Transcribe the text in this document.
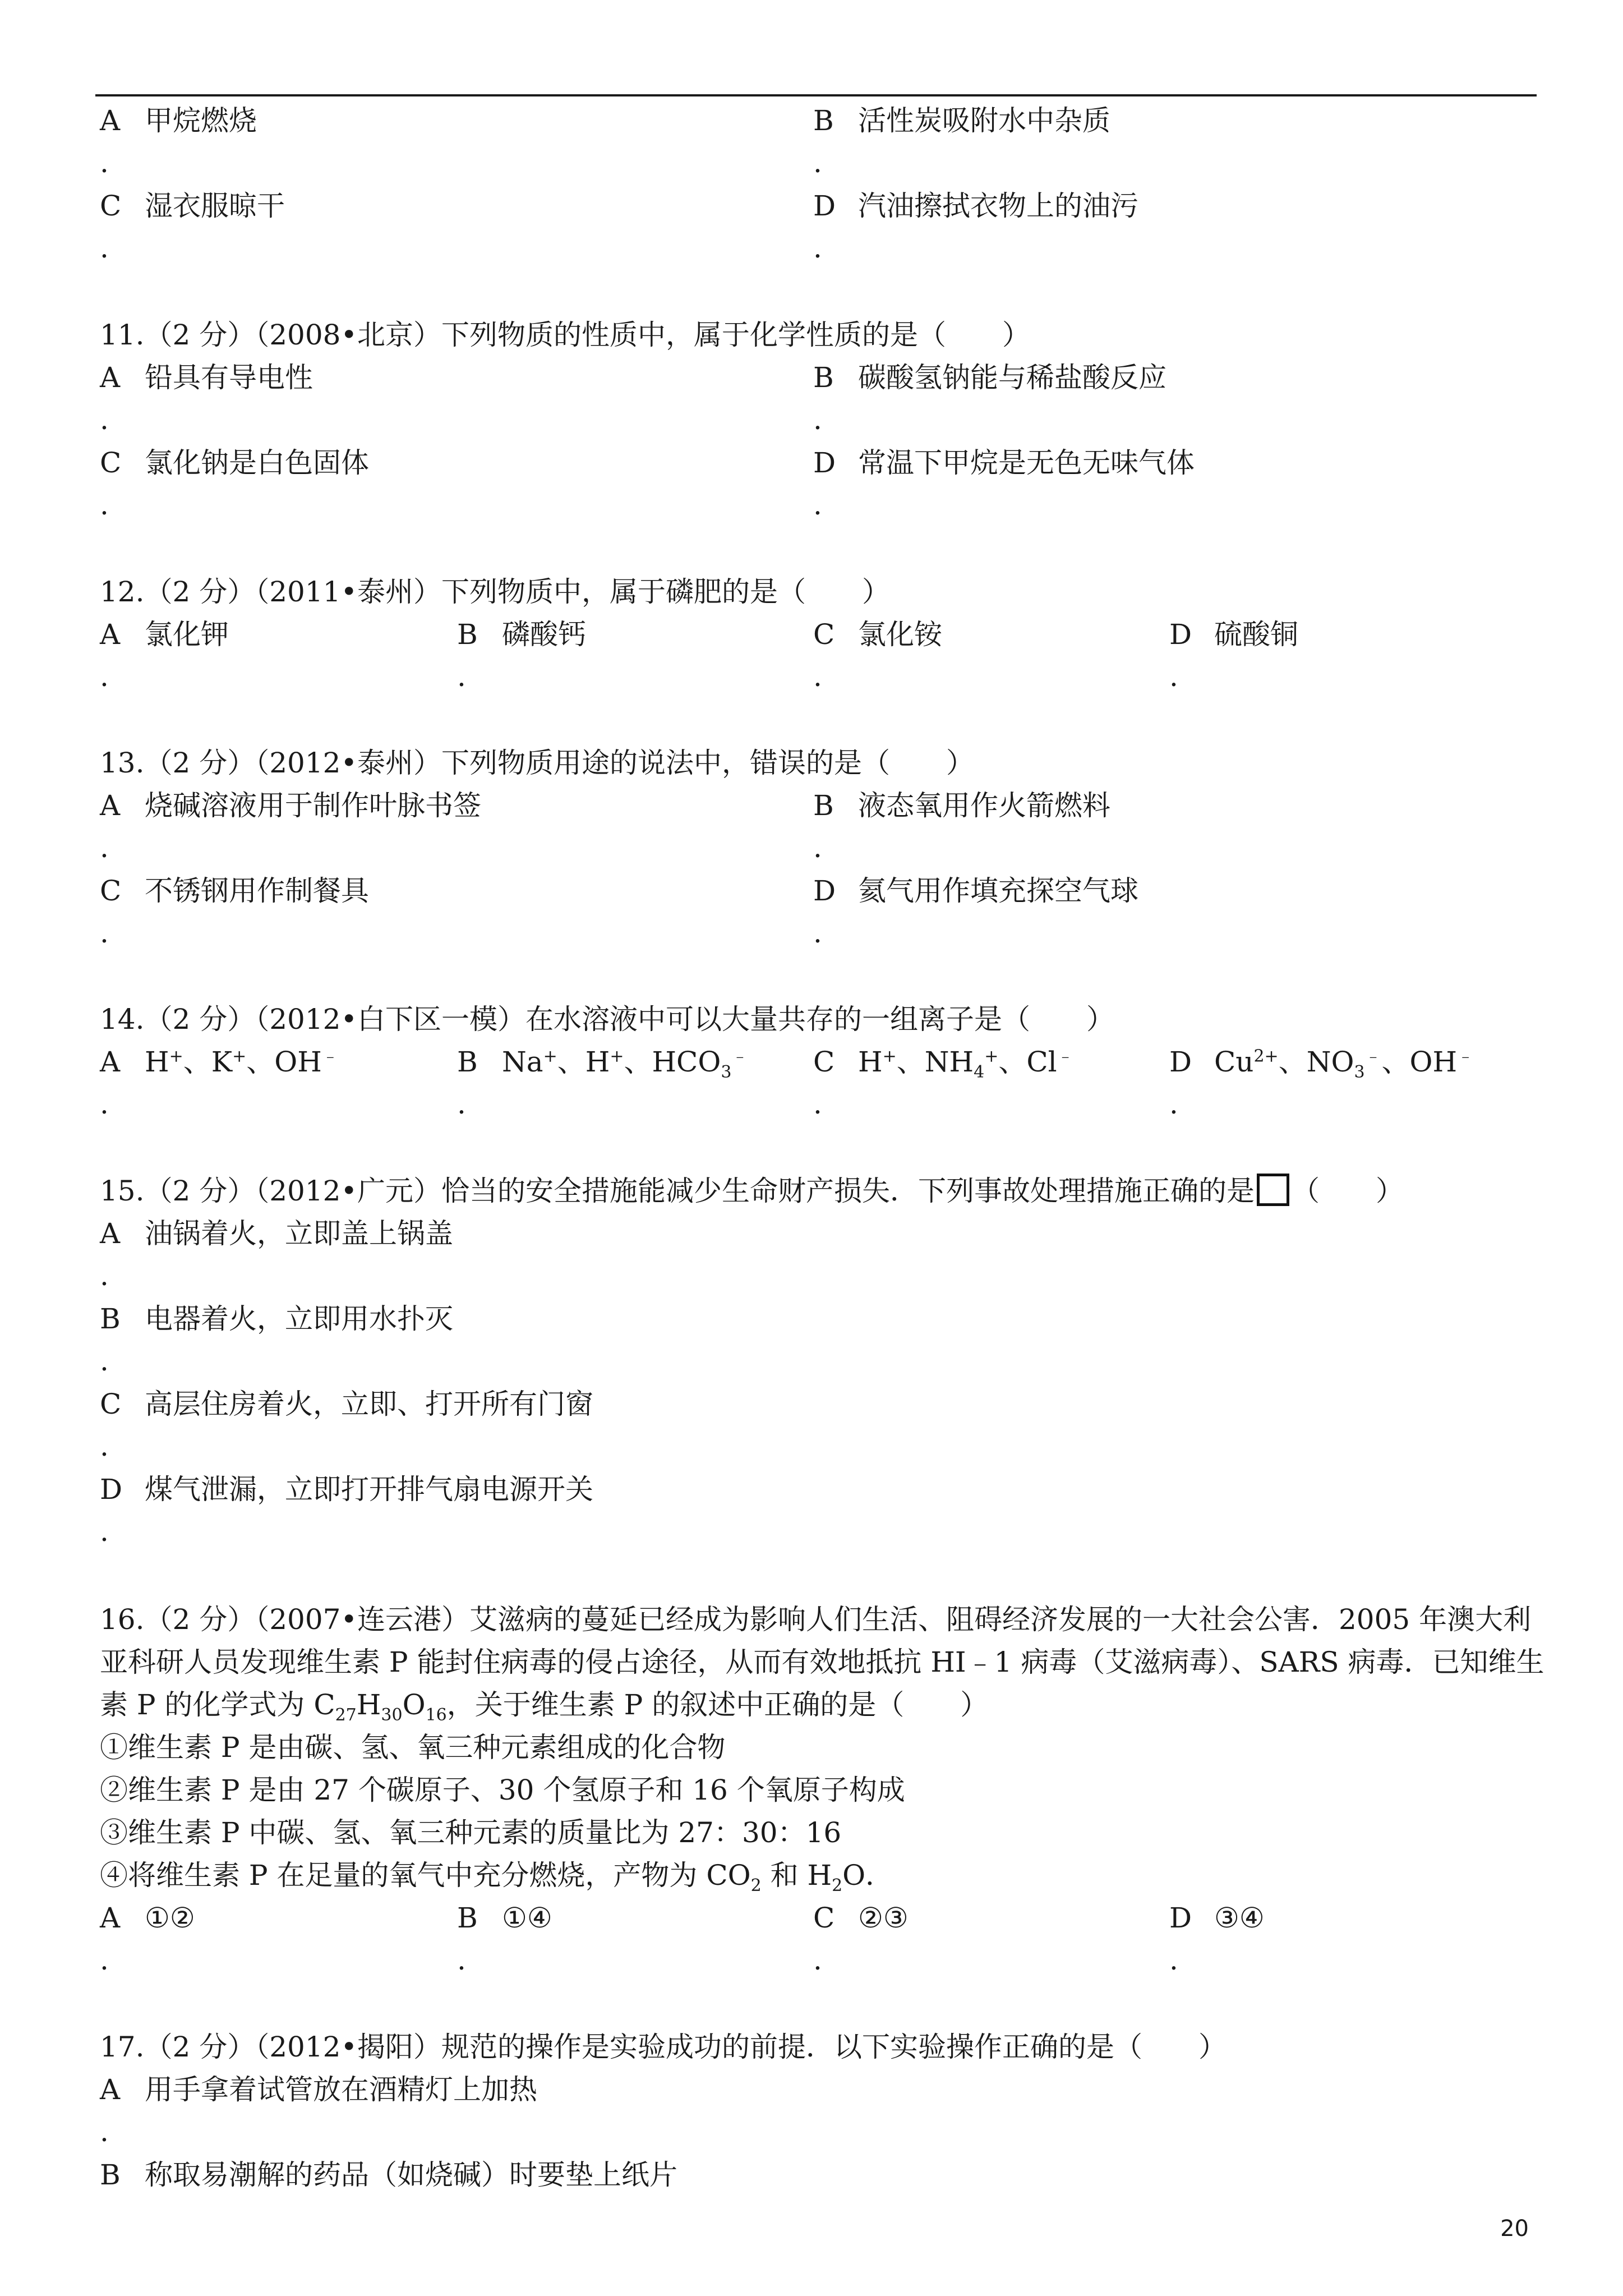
A 甲烷燃烧
.
B 活性炭吸附水中杂质
.
C 湿衣服晾干
.
D 汽油擦拭衣物上的油污
.
11.（2 分）（2008•北京）下列物质的性质中，属于化学性质的是（　　）
A 铅具有导电性
.
B 碳酸氢钠能与稀盐酸反应
.
C 氯化钠是白色固体
.
D 常温下甲烷是无色无味气体
.
12.（2 分）（2011•泰州）下列物质中，属于磷肥的是（　　）
A 氯化钾
.
B 磷酸钙
.
C 氯化铵
.
D 硫酸铜
.
13.（2 分）（2012•泰州）下列物质用途的说法中，错误的是（　　）
A 烧碱溶液用于制作叶脉书签
.
B 液态氧用作火箭燃料
.
C 不锈钢用作制餐具
.
D 氦气用作填充探空气球
.
14.（2 分）（2012•白下区一模）在水溶液中可以大量共存的一组离子是（　　）
A H+、K+、OH﹣
.
B Na+、H+、$HCO_3^﹣$
.
C H+、$NH_4^+$、Cl﹣
.
D $Cu^{2+}$、$NO_3^﹣$、OH﹣
.
15.（2 分）（2012•广元）恰当的安全措施能减少生命财产损失．下列事故处理措施正确的是 （　　）
A 油锅着火，立即盖上锅盖
.
B 电器着火，立即用水扑灭
.
C 高层住房着火，立即、打开所有门窗
.
D 煤气泄漏，立即打开排气扇电源开关
.
16.（2 分）（2007•连云港）艾滋病的蔓延已经成为影响人们生活、阻碍经济发展的一大社会公害．2005 年澳大利
亚科研人员发现维生素 P 能封住病毒的侵占途径，从而有效地抵抗 HI﹣1 病毒（艾滋病毒）、SARS 病毒．已知维生
素 P 的化学式为 $C_{27}H_{30}O_{16}$，关于维生素 P 的叙述中正确的是（　　）
①维生素 P 是由碳、氢、氧三种元素组成的化合物
②维生素 P 是由 27 个碳原子、30 个氢原子和 16 个氧原子构成
③维生素 P 中碳、氢、氧三种元素的质量比为 27：30：16
④将维生素 P 在足量的氧气中充分燃烧，产物为 $CO_2$ 和 $H_2O$．
A ①②
.
B ①④
.
C ②③
.
D ③④
.
17.（2 分）（2012•揭阳）规范的操作是实验成功的前提．以下实验操作正确的是（　　）
A 用手拿着试管放在酒精灯上加热
.
B 称取易潮解的药品（如烧碱）时要垫上纸片
20
